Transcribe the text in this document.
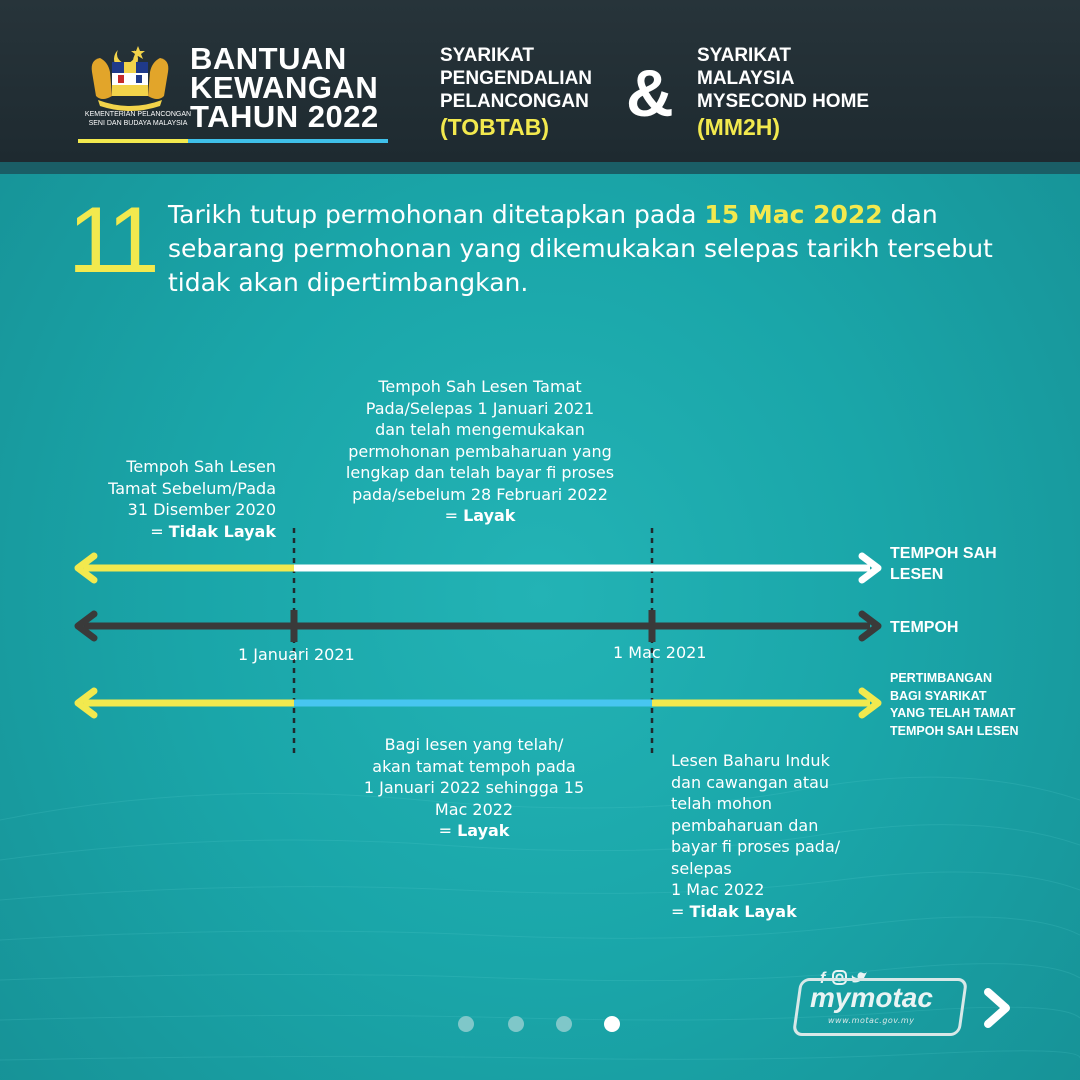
KEMENTERIAN PELANCONGAN
SENI DAN BUDAYA MALAYSIA
BANTUAN
KEWANGAN
TAHUN 2022
SYARIKAT
PENGENDALIAN
PELANCONGAN
(TOBTAB)	&
SYARIKAT
MALAYSIA
MYSECOND HOME
(MM2H)
11 Tarikh tutup permohonan ditetapkan pada 15 Mac 2022 dan sebarang permohonan yang dikemukakan selepas tarikh tersebut tidak akan dipertimbangkan.
Tempoh Sah Lesen
Tamat Sebelum/Pada
31 Disember 2020
= Tidak Layak
Tempoh Sah Lesen Tamat
Pada/Selepas 1 Januari 2021
dan telah mengemukakan
permohonan pembaharuan yang
lengkap dan telah bayar fi proses
pada/sebelum 28 Februari 2022
= Layak
TEMPOH SAH
LESEN
TEMPOH
PERTIMBANGAN
BAGI SYARIKAT
YANG TELAH TAMAT
TEMPOH SAH LESEN
1 Januari 2021	1 Mac 2021
Bagi lesen yang telah/
akan tamat tempoh pada
1 Januari 2022 sehingga 15
Mac 2022
= Layak
Lesen Baharu Induk
dan cawangan atau
telah mohon
pembaharuan dan
bayar fi proses pada/
selepas
1 Mac 2022
= Tidak Layak
f
mymotac
www.motac.gov.my
